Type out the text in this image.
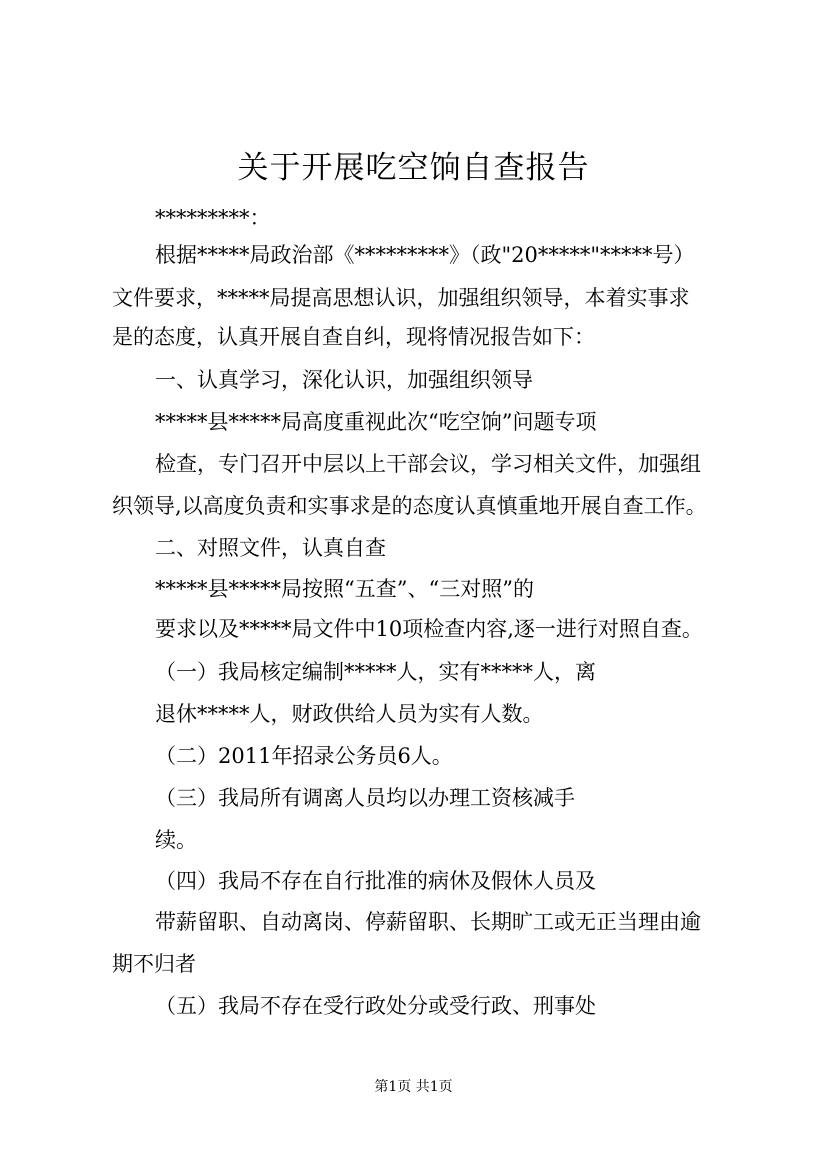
关于开展吃空饷自查报告
*********：
根据*****局政治部《*********》（政"20*****"*****号）
文件要求，*****局提高思想认识，加强组织领导，本着实事求
是的态度，认真开展自查自纠，现将情况报告如下：
一、认真学习，深化认识，加强组织领导
*****县*****局高度重视此次“吃空饷”问题专项
检查，专门召开中层以上干部会议，学习相关文件，加强组
织领导,以高度负责和实事求是的态度认真慎重地开展自查工作。
二、对照文件，认真自查
*****县*****局按照“五查”、“三对照”的
要求以及*****局文件中10项检查内容,逐一进行对照自查。
（一）我局核定编制*****人，实有*****人，离
退休*****人，财政供给人员为实有人数。
（二）2011年招录公务员6人。
（三）我局所有调离人员均以办理工资核减手
续。
（四）我局不存在自行批准的病休及假休人员及
带薪留职、自动离岗、停薪留职、长期旷工或无正当理由逾
期不归者
（五）我局不存在受行政处分或受行政、刑事处
第1页 共1页
